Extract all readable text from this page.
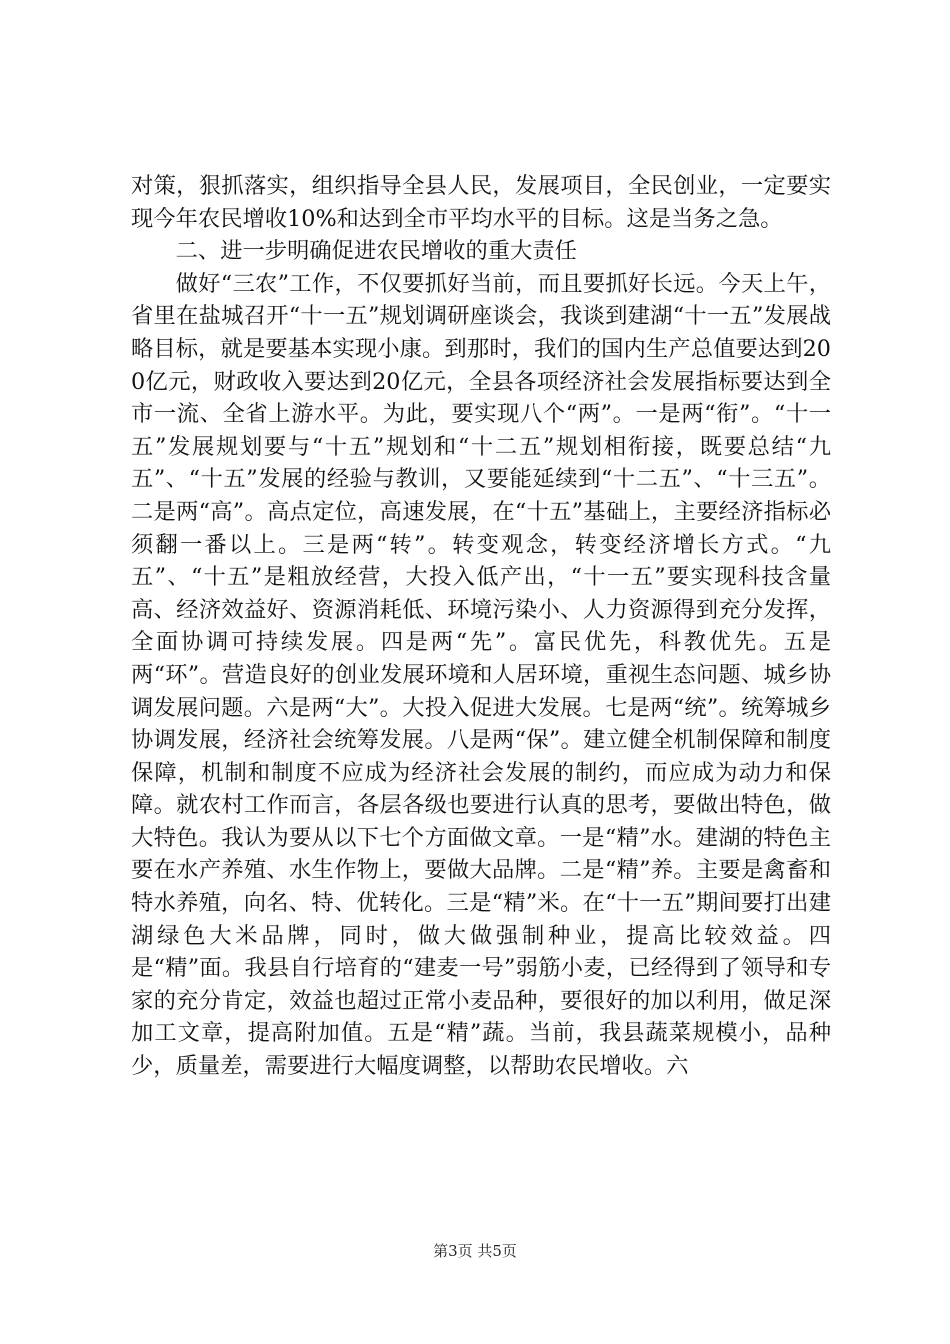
对策，狠抓落实，组织指导全县人民，发展项目，全民创业，一定要实现今年农民增收10%和达到全市平均水平的目标。这是当务之急。

二、进一步明确促进农民增收的重大责任

做好“三农”工作，不仅要抓好当前，而且要抓好长远。今天上午，省里在盐城召开“十一五”规划调研座谈会，我谈到建湖“十一五”发展战略目标，就是要基本实现小康。到那时，我们的国内生产总值要达到200亿元，财政收入要达到20亿元，全县各项经济社会发展指标要达到全市一流、全省上游水平。为此，要实现八个“两”。一是两“衔”。“十一五”发展规划要与“十五”规划和“十二五”规划相衔接，既要总结“九五”、“十五”发展的经验与教训，又要能延续到“十二五”、“十三五”。二是两“高”。高点定位，高速发展，在“十五”基础上，主要经济指标必须翻一番以上。三是两“转”。转变观念，转变经济增长方式。“九五”、“十五”是粗放经营，大投入低产出，“十一五”要实现科技含量高、经济效益好、资源消耗低、环境污染小、人力资源得到充分发挥，全面协调可持续发展。四是两“先”。富民优先，科教优先。五是两“环”。营造良好的创业发展环境和人居环境，重视生态问题、城乡协调发展问题。六是两“大”。大投入促进大发展。七是两“统”。统筹城乡协调发展，经济社会统筹发展。八是两“保”。建立健全机制保障和制度保障，机制和制度不应成为经济社会发展的制约，而应成为动力和保障。就农村工作而言，各层各级也要进行认真的思考，要做出特色，做大特色。我认为要从以下七个方面做文章。一是“精”水。建湖的特色主要在水产养殖、水生作物上，要做大品牌。二是“精”养。主要是禽畜和特水养殖，向名、特、优转化。三是“精”米。在“十一五”期间要打出建湖绿色大米品牌，同时，做大做强制种业，提高比较效益。四是“精”面。我县自行培育的“建麦一号”弱筋小麦，已经得到了领导和专家的充分肯定，效益也超过正常小麦品种，要很好的加以利用，做足深加工文章，提高附加值。五是“精”蔬。当前，我县蔬菜规模小，品种少，质量差，需要进行大幅度调整，以帮助农民增收。六

第3页 共5页
